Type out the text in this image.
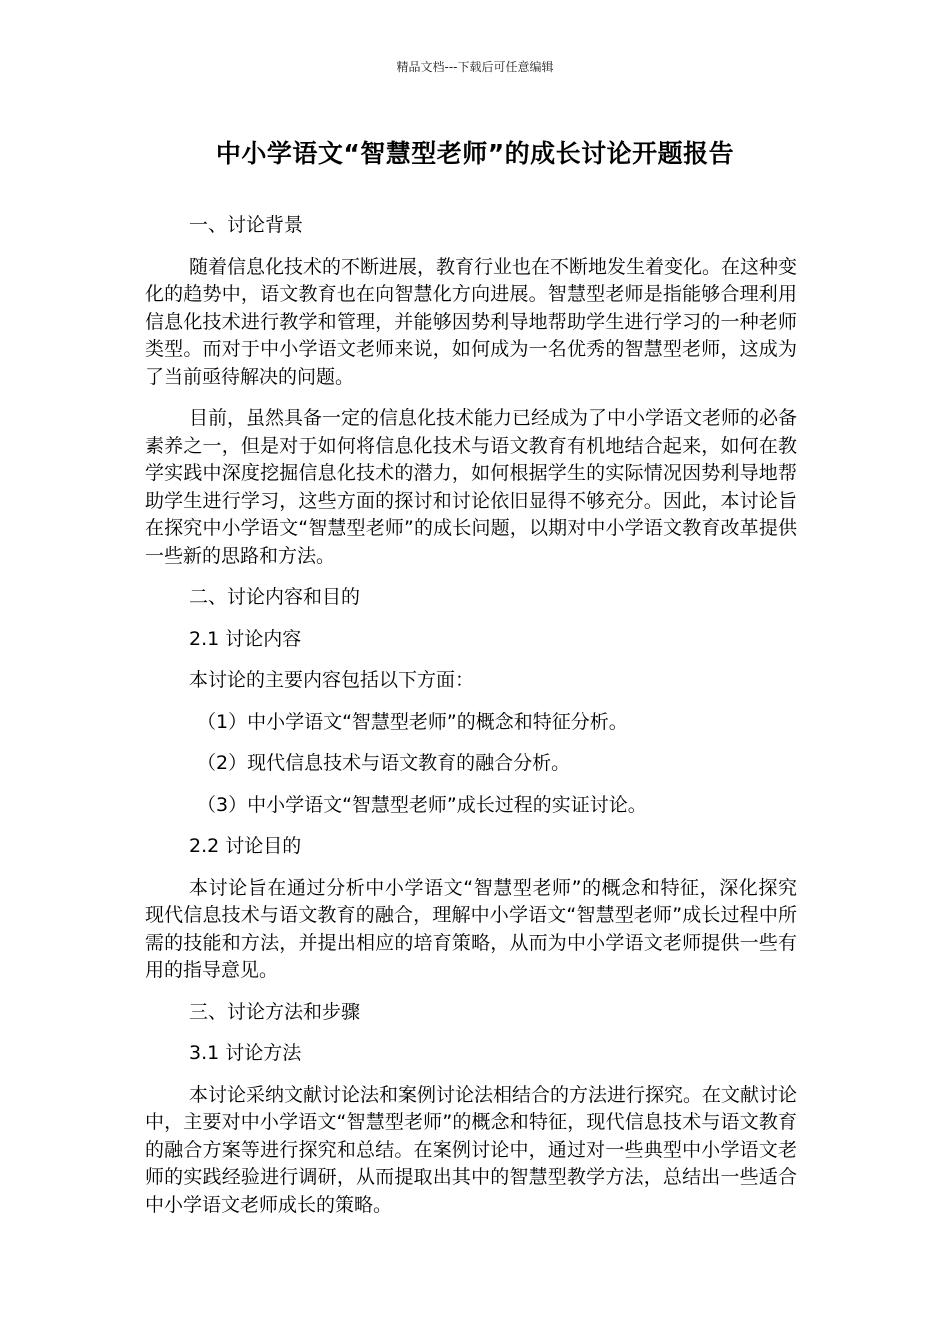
精品文档---下载后可任意编辑
中小学语文“智慧型老师”的成长讨论开题报告

一、讨论背景

随着信息化技术的不断进展，教育行业也在不断地发生着变化。在这种变化的趋势中，语文教育也在向智慧化方向进展。智慧型老师是指能够合理利用信息化技术进行教学和管理，并能够因势利导地帮助学生进行学习的一种老师类型。而对于中小学语文老师来说，如何成为一名优秀的智慧型老师，这成为了当前亟待解决的问题。

目前，虽然具备一定的信息化技术能力已经成为了中小学语文老师的必备素养之一，但是对于如何将信息化技术与语文教育有机地结合起来，如何在教学实践中深度挖掘信息化技术的潜力，如何根据学生的实际情况因势利导地帮助学生进行学习，这些方面的探讨和讨论依旧显得不够充分。因此，本讨论旨在探究中小学语文“智慧型老师”的成长问题，以期对中小学语文教育改革提供一些新的思路和方法。

二、讨论内容和目的

2.1 讨论内容

本讨论的主要内容包括以下方面：

（1）中小学语文“智慧型老师”的概念和特征分析。

（2）现代信息技术与语文教育的融合分析。

（3）中小学语文“智慧型老师”成长过程的实证讨论。

2.2 讨论目的

本讨论旨在通过分析中小学语文“智慧型老师”的概念和特征，深化探究现代信息技术与语文教育的融合，理解中小学语文“智慧型老师”成长过程中所需的技能和方法，并提出相应的培育策略，从而为中小学语文老师提供一些有用的指导意见。

三、讨论方法和步骤

3.1 讨论方法

本讨论采纳文献讨论法和案例讨论法相结合的方法进行探究。在文献讨论中，主要对中小学语文“智慧型老师”的概念和特征，现代信息技术与语文教育的融合方案等进行探究和总结。在案例讨论中，通过对一些典型中小学语文老师的实践经验进行调研，从而提取出其中的智慧型教学方法，总结出一些适合中小学语文老师成长的策略。
